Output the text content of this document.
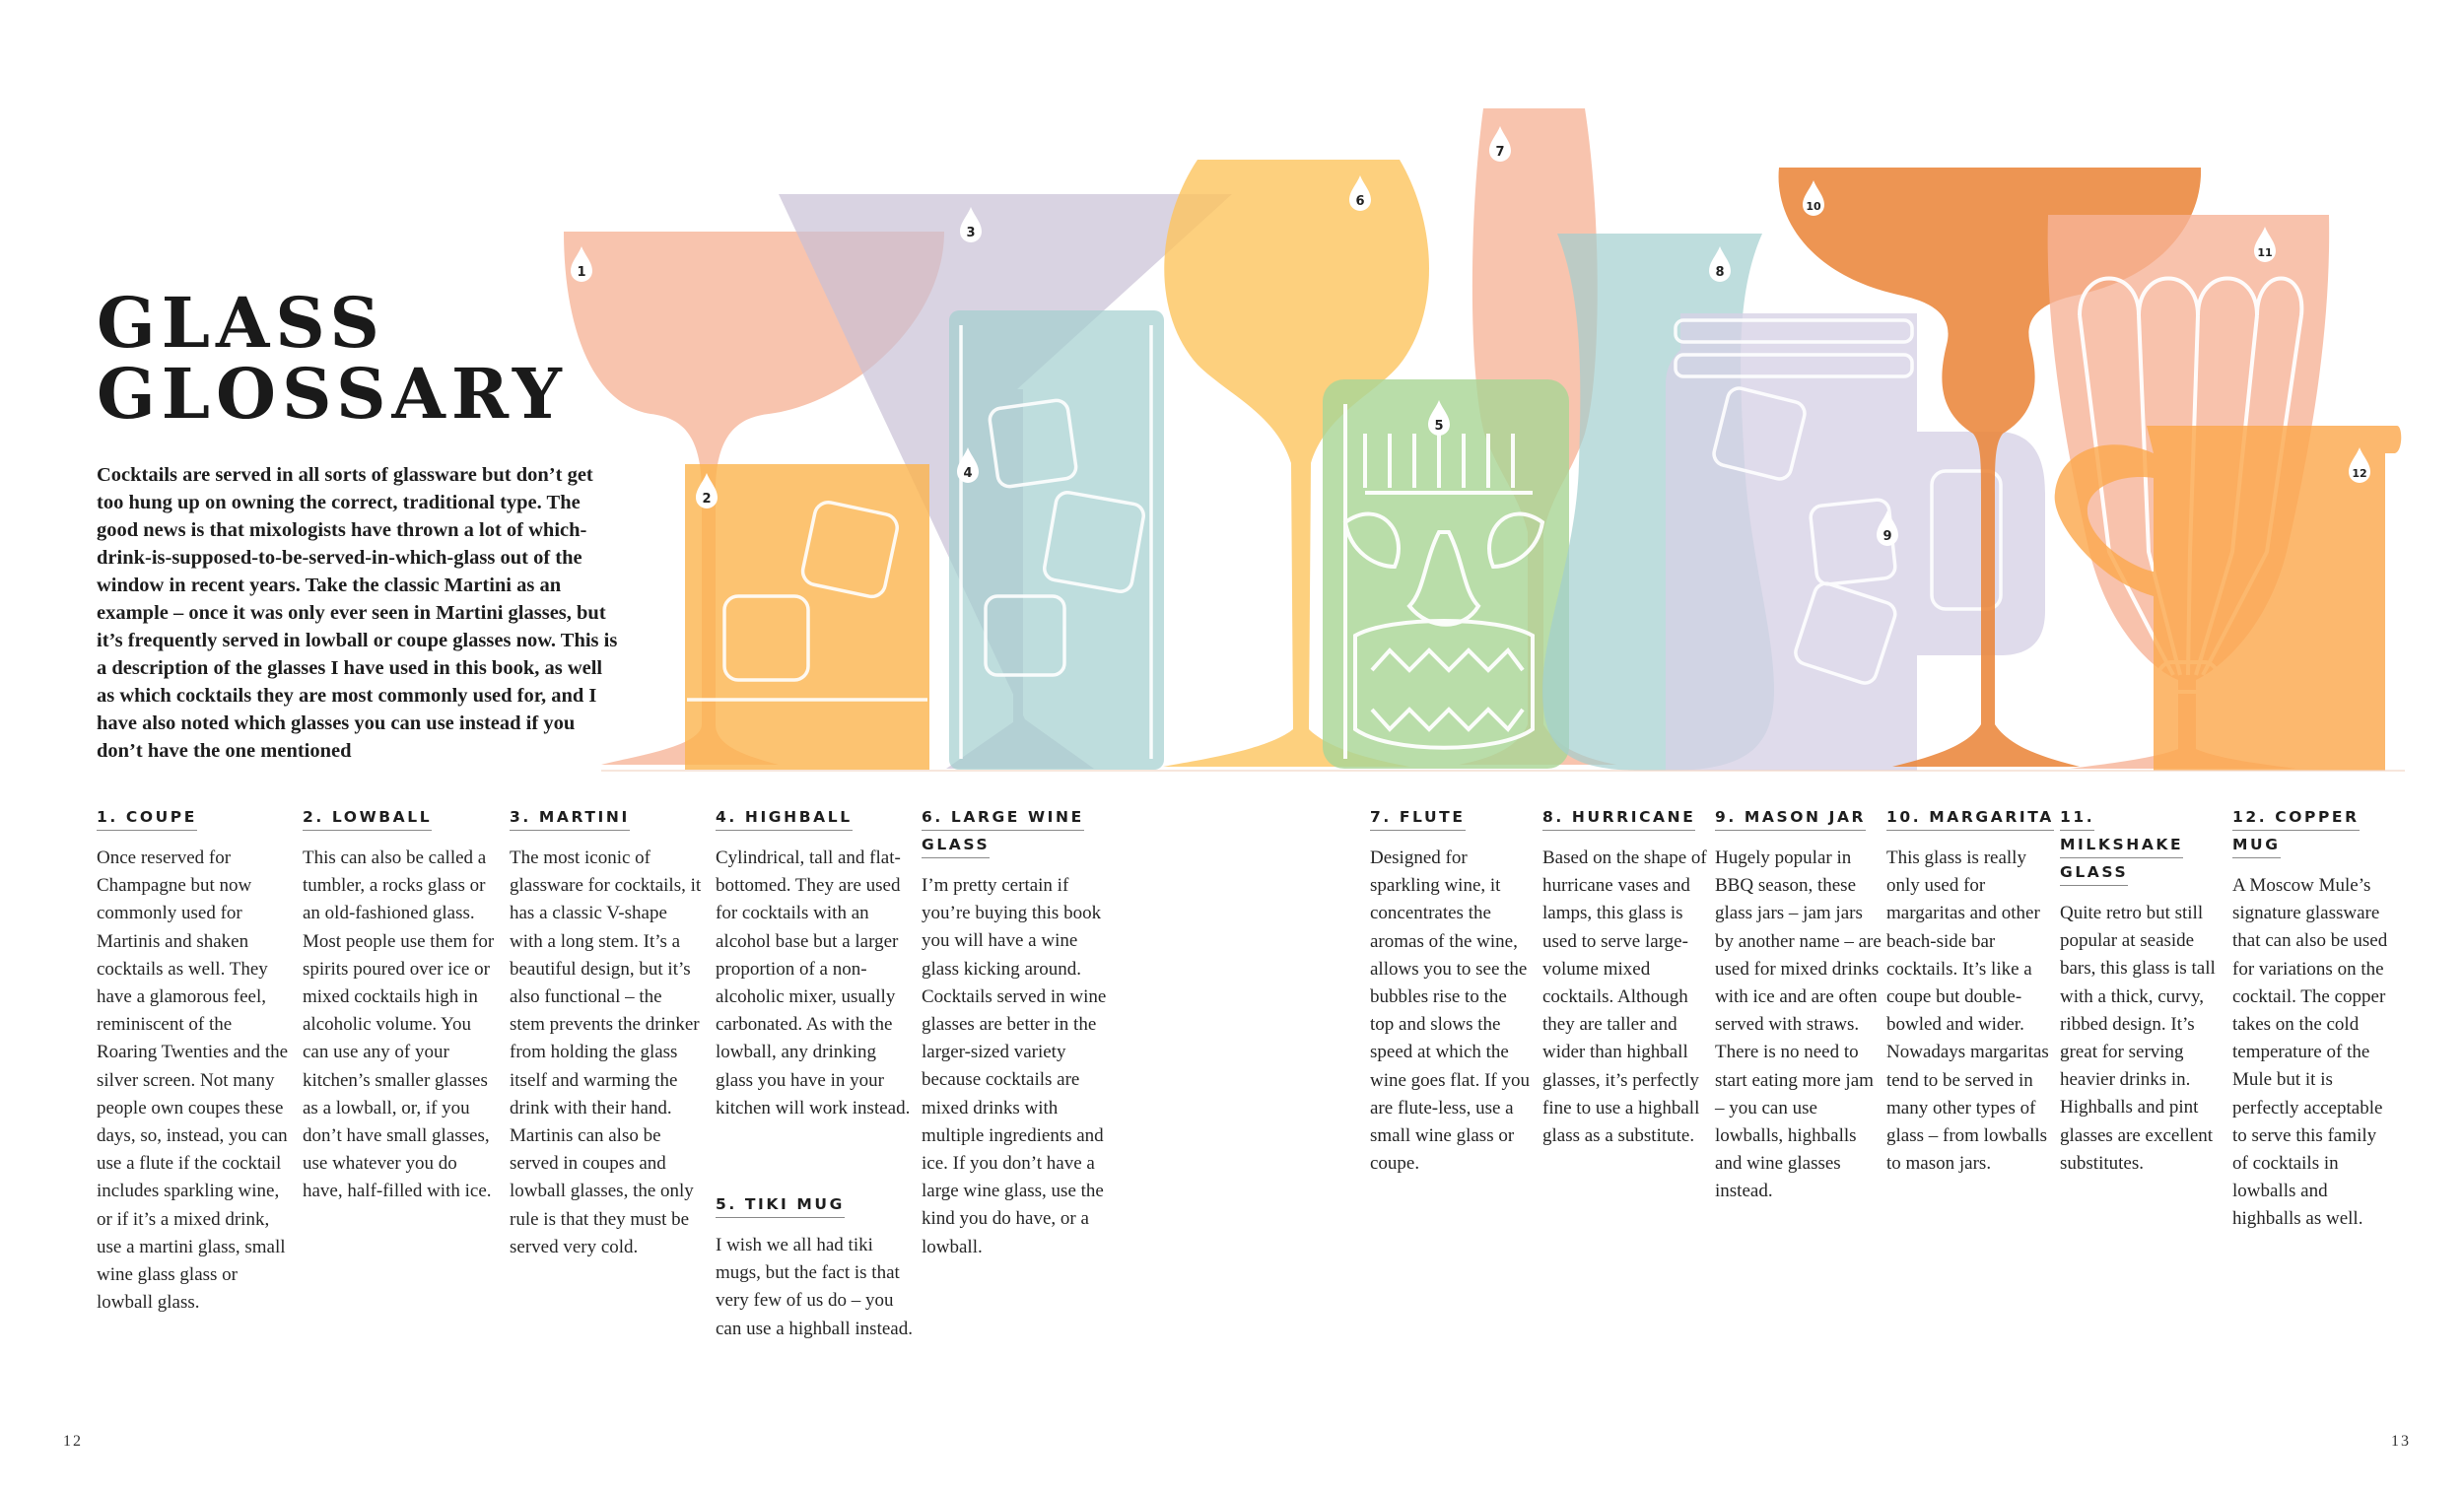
1
2
3
4
5
6
7
8
9
10
11
12
GLASS
GLOSSARY

Cocktails are served in all sorts of glassware but don’t get too hung up on owning the correct, traditional type. The good news is that mixologists have thrown a lot of which-drink-is-supposed-to-be-served-in-which-glass out of the window in recent years. Take the classic Martini as an example – once it was only ever seen in Martini glasses, but it’s frequently served in lowball or coupe glasses now. This is a description of the glasses I have used in this book, as well as which cocktails they are most commonly used for, and I have also noted which glasses you can use instead if you don’t have the one mentioned

1. COUPE

Once reserved for Champagne but now commonly used for Martinis and shaken cocktails as well. They have a glamorous feel, reminiscent of the Roaring Twenties and the silver screen. Not many people own coupes these days, so, instead, you can use a flute if the cocktail includes sparkling wine, or if it’s a mixed drink, use a martini glass, small wine glass glass or lowball glass.

2. LOWBALL

This can also be called a tumbler, a rocks glass or an old-fashioned glass. Most people use them for spirits poured over ice or mixed cocktails high in alcoholic volume. You can use any of your kitchen’s smaller glasses as a lowball, or, if you don’t have small glasses, use whatever you do have, half-filled with ice.

3. MARTINI

The most iconic of glassware for cocktails, it has a classic V-shape with a long stem. It’s a beautiful design, but it’s also functional – the stem prevents the drinker from holding the glass itself and warming the drink with their hand. Martinis can also be served in coupes and lowball glasses, the only rule is that they must be served very cold.

4. HIGHBALL

Cylindrical, tall and flat-bottomed. They are used for cocktails with an alcohol base but a larger proportion of a non-alcoholic mixer, usually carbonated. As with the lowball, any drinking glass you have in your kitchen will work instead.

5. TIKI MUG

I wish we all had tiki mugs, but the fact is that very few of us do – you can use a highball instead.

6. LARGE WINE GLASS

I’m pretty certain if you’re buying this book you will have a wine glass kicking around. Cocktails served in wine glasses are better in the larger-sized variety because cocktails are mixed drinks with multiple ingredients and ice. If you don’t have a large wine glass, use the kind you do have, or a lowball.

7. FLUTE

Designed for sparkling wine, it concentrates the aromas of the wine, allows you to see the bubbles rise to the top and slows the speed at which the wine goes flat. If you are flute-less, use a small wine glass or coupe.

8. HURRICANE

Based on the shape of hurricane vases and lamps, this glass is used to serve large-volume mixed cocktails. Although they are taller and wider than highball glasses, it’s perfectly fine to use a highball glass as a substitute.

9. MASON JAR

Hugely popular in BBQ season, these glass jars – jam jars by another name – are used for mixed drinks with ice and are often served with straws. There is no need to start eating more jam – you can use lowballs, highballs and wine glasses instead.

10. MARGARITA

This glass is really only used for margaritas and other beach-side bar cocktails. It’s like a coupe but double-bowled and wider. Nowadays margaritas tend to be served in many other types of glass – from lowballs to mason jars.

11. MILKSHAKE GLASS

Quite retro but still popular at seaside bars, this glass is tall with a thick, curvy, ribbed design. It’s great for serving heavier drinks in. Highballs and pint glasses are excellent substitutes.

12. COPPER MUG

A Moscow Mule’s signature glassware that can also be used for variations on the cocktail. The copper takes on the cold temperature of the Mule but it is perfectly acceptable to serve this family of cocktails in lowballs and highballs as well.

12	13
